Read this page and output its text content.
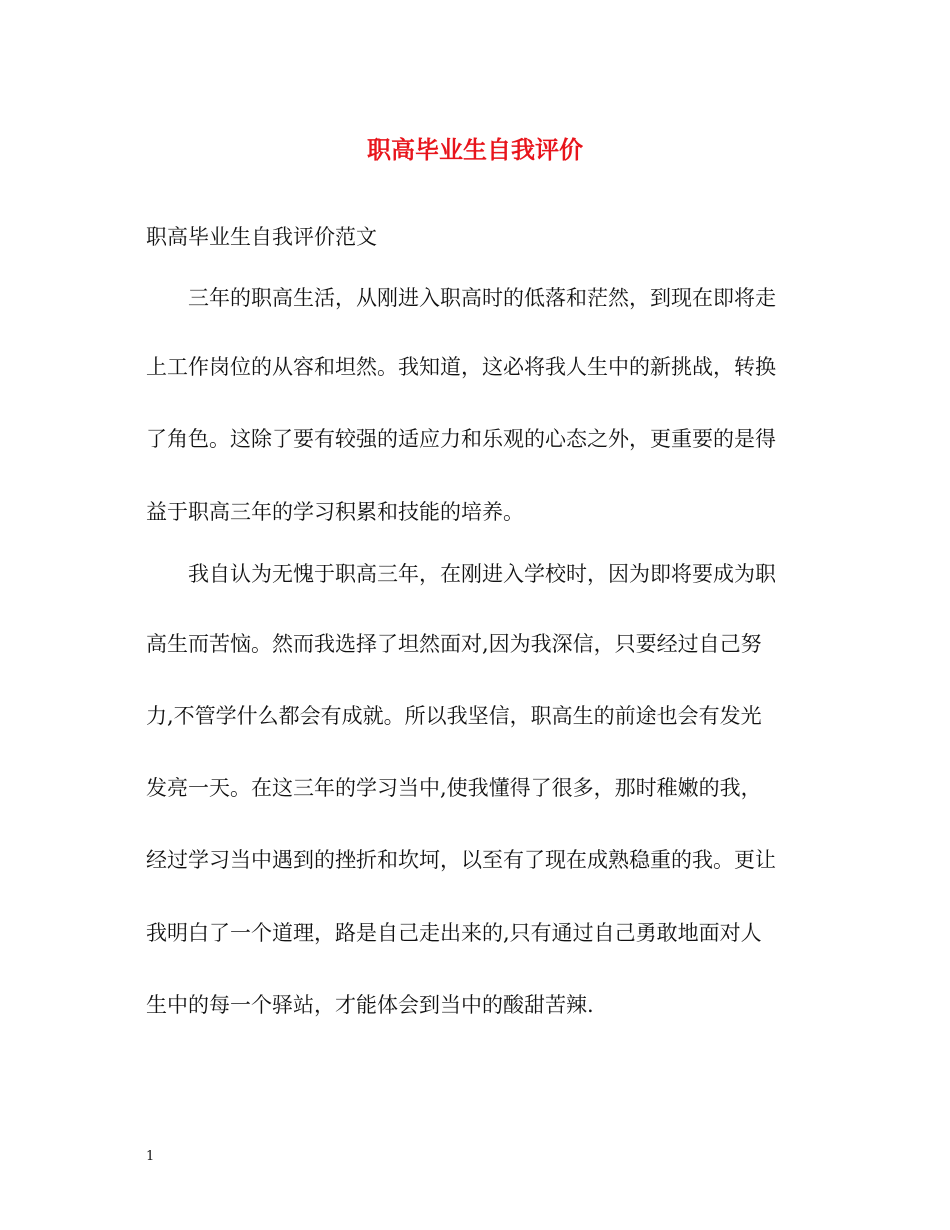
职高毕业生自我评价
职高毕业生自我评价范文
三年的职高生活，从刚进入职高时的低落和茫然，到现在即将走
上工作岗位的从容和坦然。我知道，这必将我人生中的新挑战，转换
了角色。这除了要有较强的适应力和乐观的心态之外，更重要的是得
益于职高三年的学习积累和技能的培养。
我自认为无愧于职高三年，在刚进入学校时，因为即将要成为职
高生而苦恼。然而我选择了坦然面对,因为我深信，只要经过自己努
力,不管学什么都会有成就。所以我坚信，职高生的前途也会有发光
发亮一天。在这三年的学习当中,使我懂得了很多，那时稚嫩的我，
经过学习当中遇到的挫折和坎坷，以至有了现在成熟稳重的我。更让
我明白了一个道理，路是自己走出来的,只有通过自己勇敢地面对人
生中的每一个驿站，才能体会到当中的酸甜苦辣.
1
